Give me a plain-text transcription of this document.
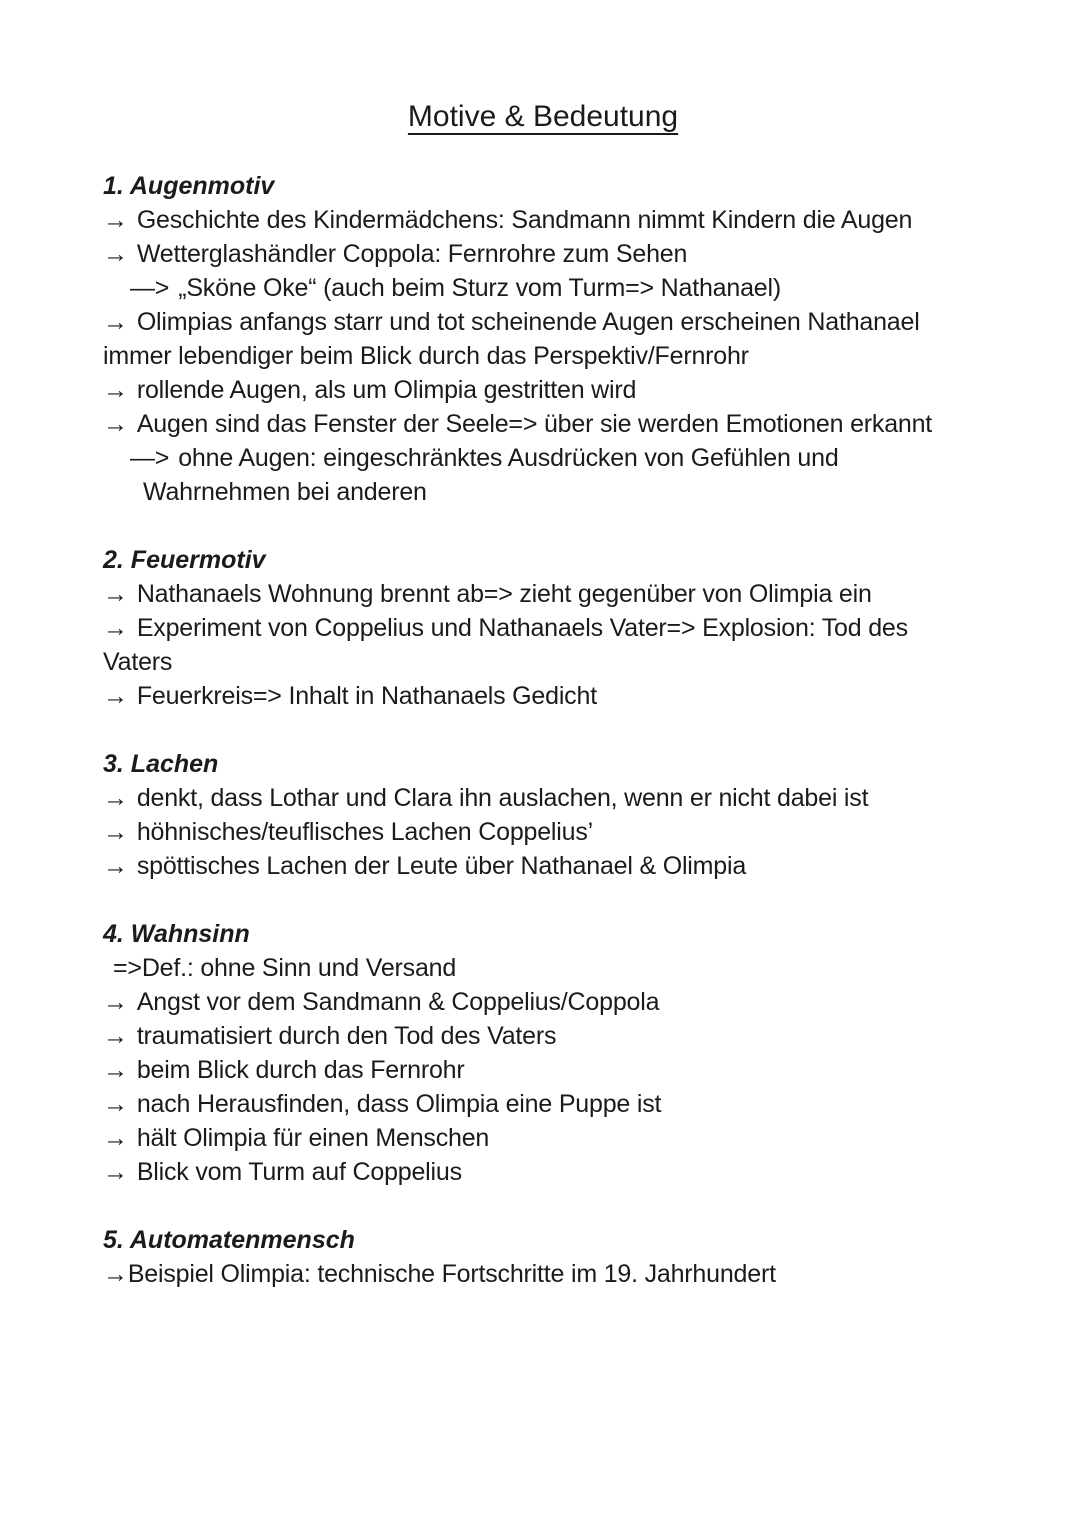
Motive & Bedeutung
1. Augenmotiv
→ Geschichte des Kindermädchens: Sandmann nimmt Kindern die Augen
→ Wetterglashändler Coppola: Fernrohre zum Sehen
—> „Sköne Oke“ (auch beim Sturz vom Turm=> Nathanael)
→ Olimpias anfangs starr und tot scheinende Augen erscheinen Nathanael immer lebendiger beim Blick durch das Perspektiv/Fernrohr
→ rollende Augen, als um Olimpia gestritten wird
→ Augen sind das Fenster der Seele=> über sie werden Emotionen erkannt
—> ohne Augen: eingeschränktes Ausdrücken von Gefühlen und Wahrnehmen bei anderen
2. Feuermotiv
→ Nathanaels Wohnung brennt ab=> zieht gegenüber von Olimpia ein
→ Experiment von Coppelius und Nathanaels Vater=> Explosion: Tod des Vaters
→ Feuerkreis=> Inhalt in Nathanaels Gedicht
3. Lachen
→ denkt, dass Lothar und Clara ihn auslachen, wenn er nicht dabei ist
→ höhnisches/teuflisches Lachen Coppelius’
→ spöttisches Lachen der Leute über Nathanael & Olimpia
4. Wahnsinn
=>Def.: ohne Sinn und Versand
→ Angst vor dem Sandmann & Coppelius/Coppola
→ traumatisiert durch den Tod des Vaters
→ beim Blick durch das Fernrohr
→ nach Herausfinden, dass Olimpia eine Puppe ist
→ hält Olimpia für einen Menschen
→ Blick vom Turm auf Coppelius
5. Automatenmensch
→Beispiel Olimpia: technische Fortschritte im 19. Jahrhundert
